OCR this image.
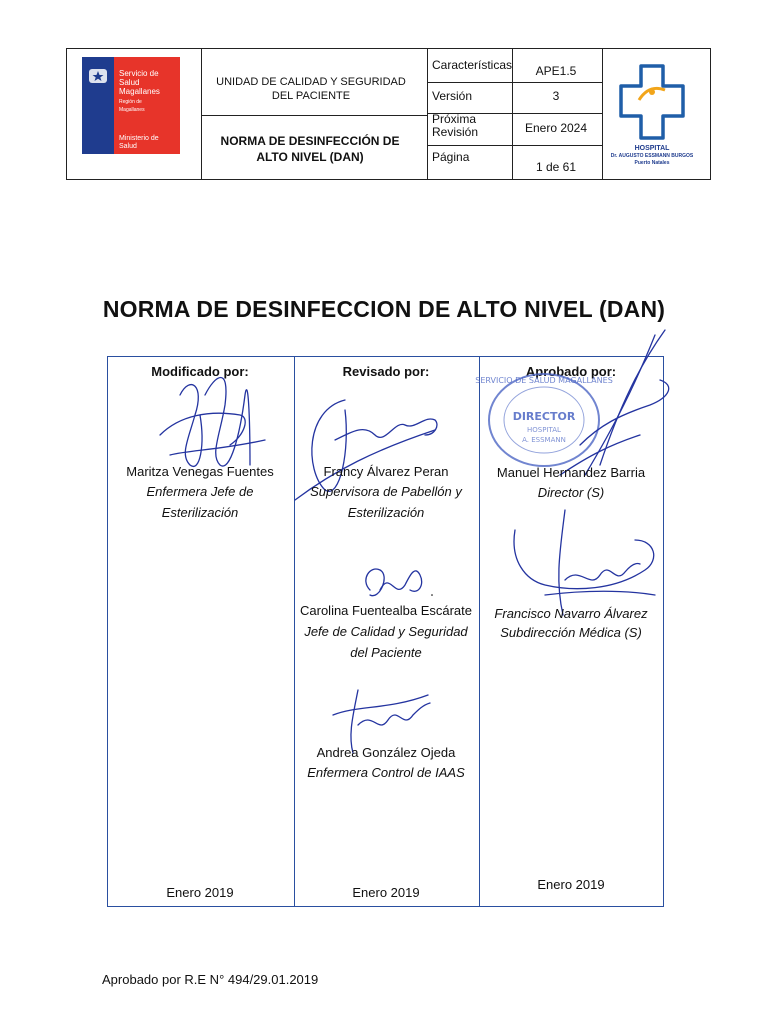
Servicio de
Salud
Magallanes
Región de
Magallanes
Ministerio de
Salud
UNIDAD DE CALIDAD Y SEGURIDAD DEL PACIENTE
NORMA DE DESINFECCIÓN DE ALTO NIVEL (DAN)
Características
Versión
Próxima Revisión
Página
APE1.5
3
Enero 2024
1 de 61
HOSPITAL
Dr. AUGUSTO ESSMANN BURGOS
Puerto Natales
NORMA DE DESINFECCION DE ALTO NIVEL (DAN)
Modificado por:
Maritza Venegas Fuentes
Enfermera Jefe de
Esterilización
Enero 2019
Revisado por:
Francy Álvarez Peran
Supervisora de Pabellón y
Esterilización
Carolina Fuentealba Escárate
Jefe de Calidad y Seguridad
del Paciente
Andrea González Ojeda
Enfermera Control de IAAS
Enero 2019
Aprobado por:
SERVICIO DE SALUD MAGALLANES
DIRECTOR
HOSPITAL
A. ESSMANN
Manuel Hernandez Barria
Director (S)
Francisco Navarro Álvarez
Subdirección Médica (S)
Enero 2019
Aprobado por R.E N° 494/29.01.2019
